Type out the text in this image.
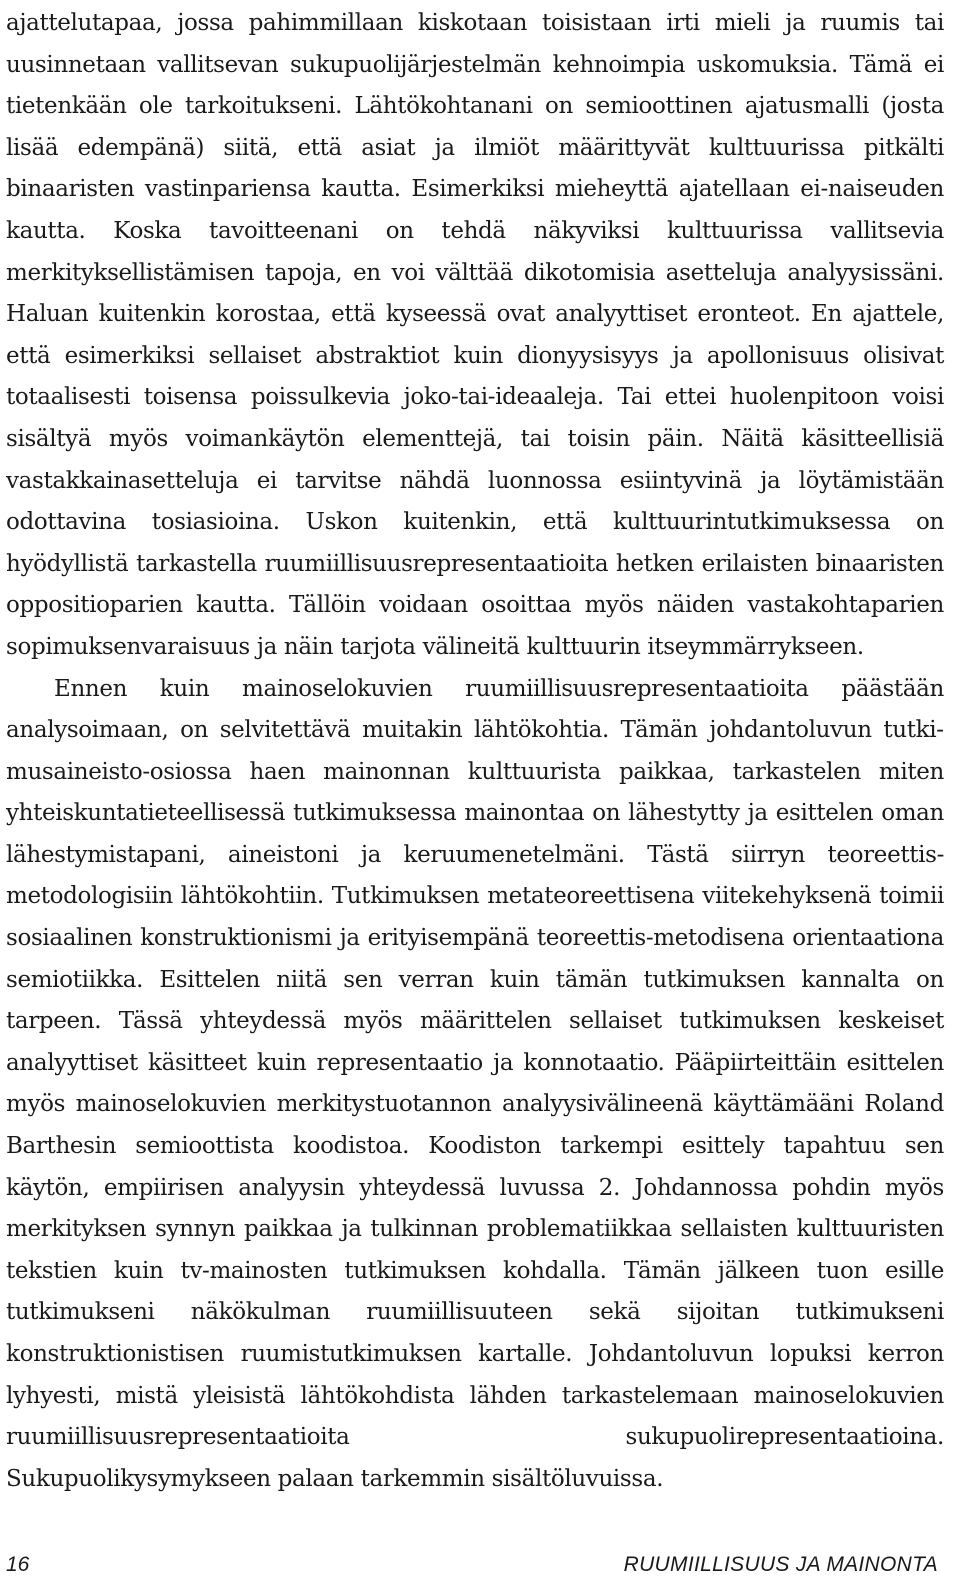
ajattelutapaa, jossa pahimmillaan kiskotaan toisistaan irti mieli ja ruumis tai uusinnetaan vallitsevan sukupuolijärjestelmän kehnoimpia uskomuksia. Tämä ei tietenkään ole tarkoitukseni. Lähtökohtanani on semioottinen ajatusmalli (josta lisää edempänä) siitä, että asiat ja ilmiöt määrittyvät kulttuurissa pitkälti binaaristen vastinpariensa kautta. Esimerkiksi mieheyttä ajatellaan ei-naiseuden kautta. Koska tavoitteenani on tehdä näkyviksi kulttuurissa vallitsevia merkityksellistämisen tapoja, en voi välttää dikotomisia asetteluja analyysissäni. Haluan kuitenkin korostaa, että kyseessä ovat analyyttiset eronteot. En ajattele, että esimerkiksi sellaiset abstraktiot kuin dionyysisyys ja apollonisuus olisivat totaalisesti toisensa poissulkevia joko-tai-ideaaleja. Tai ettei huolenpitoon voisi sisältyä myös voimankäytön elementtejä, tai toisin päin. Näitä käsitteellisiä vastakkainasetteluja ei tarvitse nähdä luonnossa esiintyvinä ja löytämistään odottavina tosiasioina. Uskon kuitenkin, että kulttuurintutkimuksessa on hyödyllistä tarkastella ruumiillisuusrepresentaatioita hetken erilaisten binaaristen oppositioparien kautta. Tällöin voidaan osoittaa myös näiden vastakohtaparien sopimuksenvaraisuus ja näin tarjota välineitä kulttuurin itseymmärrykseen.

Ennen kuin mainoselokuvien ruumiillisuusrepresentaatioita päästään analysoimaan, on selvitettävä muitakin lähtökohtia. Tämän johdantoluvun tutkimusaineisto-osiossa haen mainonnan kulttuurista paikkaa, tarkastelen miten yhteiskuntatieteellisessä tutkimuksessa mainontaa on lähestytty ja esittelen oman lähestymistapani, aineistoni ja keruumenetelmäni. Tästä siirryn teoreettis-metodologisiin lähtökohtiin. Tutkimuksen metateoreettisena viitekehyksenä toimii sosiaalinen konstruktionismi ja erityisempänä teoreettis-metodisena orientaationa semiotiikka. Esittelen niitä sen verran kuin tämän tutkimuksen kannalta on tarpeen. Tässä yhteydessä myös määrittelen sellaiset tutkimuksen keskeiset analyyttiset käsitteet kuin representaatio ja konnotaatio. Pääpiirteittäin esittelen myös mainoselokuvien merkitystuotannon analyysivälineenä käyttämääni Roland Barthesin semioottista koodistoa. Koodiston tarkempi esittely tapahtuu sen käytön, empiirisen analyysin yhteydessä luvussa 2. Johdannossa pohdin myös merkityksen synnyn paikkaa ja tulkinnan problematiikkaa sellaisten kulttuuristen tekstien kuin tv-mainosten tutkimuksen kohdalla. Tämän jälkeen tuon esille tutkimukseni näkökulman ruumiillisuuteen sekä sijoitan tutkimukseni konstruktionistisen ruumistutkimuksen kartalle. Johdantoluvun lopuksi kerron lyhyesti, mistä yleisistä lähtökohdista lähden tarkastelemaan mainoselokuvien ruumiillisuusrepresentaatioita sukupuolirepresentaatioina. Sukupuolikysymykseen palaan tarkemmin sisältöluvuissa.

16	RUUMIILLISUUS JA MAINONTA
